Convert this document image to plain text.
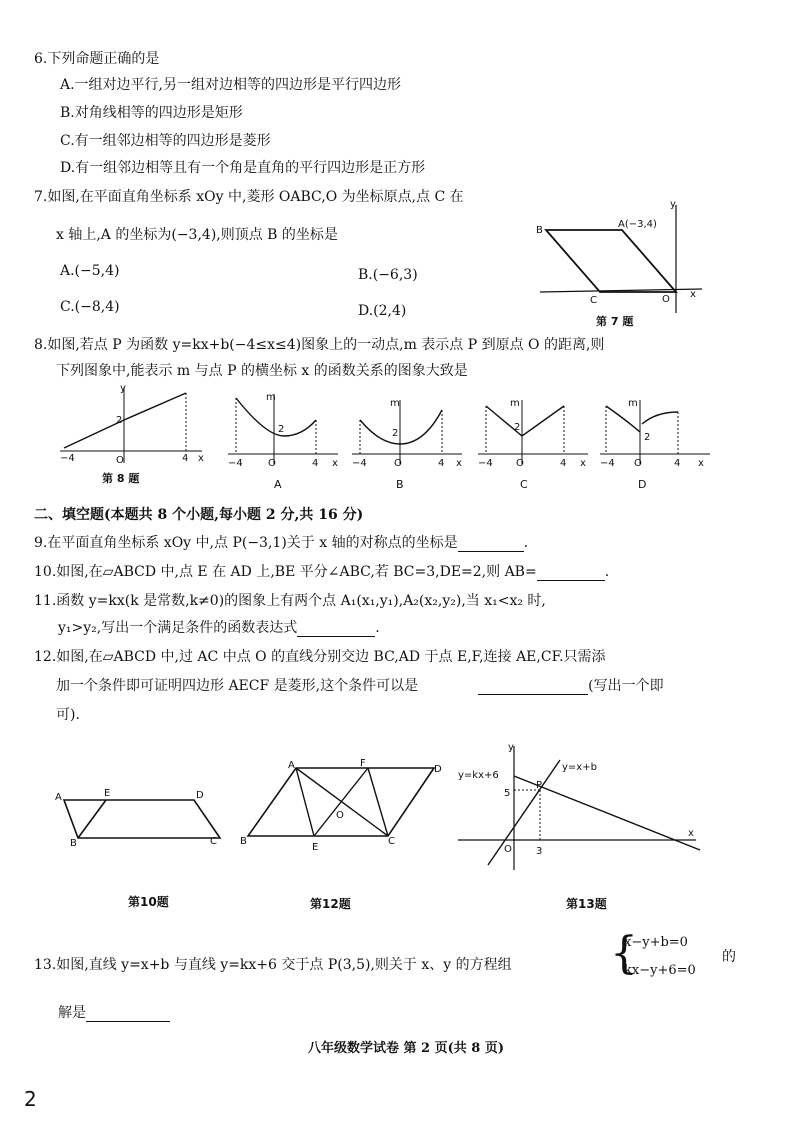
6.下列命题正确的是
A.一组对边平行,另一组对边相等的四边形是平行四边形
B.对角线相等的四边形是矩形
C.有一组邻边相等的四边形是菱形
D.有一组邻边相等且有一个角是直角的平行四边形是正方形
7.如图,在平面直角坐标系 xOy 中,菱形 OABC,O 为坐标原点,点 C 在
x 轴上,A 的坐标为(−3,4),则顶点 B 的坐标是
A.(−5,4)	B.(−6,3)
C.(−8,4)	D.(2,4)
y
B
A(−3,4)
C	O x
第 7 题
8.如图,若点 P 为函数 y=kx+b(−4≤x≤4)图象上的一动点,m 表示点 P 到原点 O 的距离,则
下列图象中,能表示 m 与点 P 的横坐标 x 的函数关系的图象大致是
y
2
−4	O	4 x
第 8 题
m
2
−4	O	4 x
A
m
2
−4	O	4 x
B
m
2
−4 O	4 x
C
m
2
−4 O	4 x
D
二、填空题(本题共 8 个小题,每小题 2 分,共 16 分)
9.在平面直角坐标系 xOy 中,点 P(−3,1)关于 x 轴的对称点的坐标是	.
10.如图,在▱ABCD 中,点 E 在 AD 上,BE 平分∠ABC,若 BC=3,DE=2,则 AB=	.
11.函数 y=kx(k 是常数,k≠0)的图象上有两个点 A₁(x₁,y₁),A₂(x₂,y₂),当 x₁<x₂ 时,
y₁>y₂,写出一个满足条件的函数表达式	.
12.如图,在▱ABCD 中,过 AC 中点 O 的直线分别交边 BC,AD 于点 E,F,连接 AE,CF.只需添
加一个条件即可证明四边形 AECF 是菱形,这个条件可以是	(写出一个即
可).
A	E	D
B	C
第10题
A	F
D
O
B
E
C
第12题
y
y=kx+6
y=x+b
P
5
O 3
x
第13题
13.如图,直线 y=x+b 与直线 y=kx+6 交于点 P(3,5),则关于 x、y 的方程组 {
x−y+b=0
kx−y+6=0
的
解是
八年级数学试卷 第 2 页(共 8 页)
2
